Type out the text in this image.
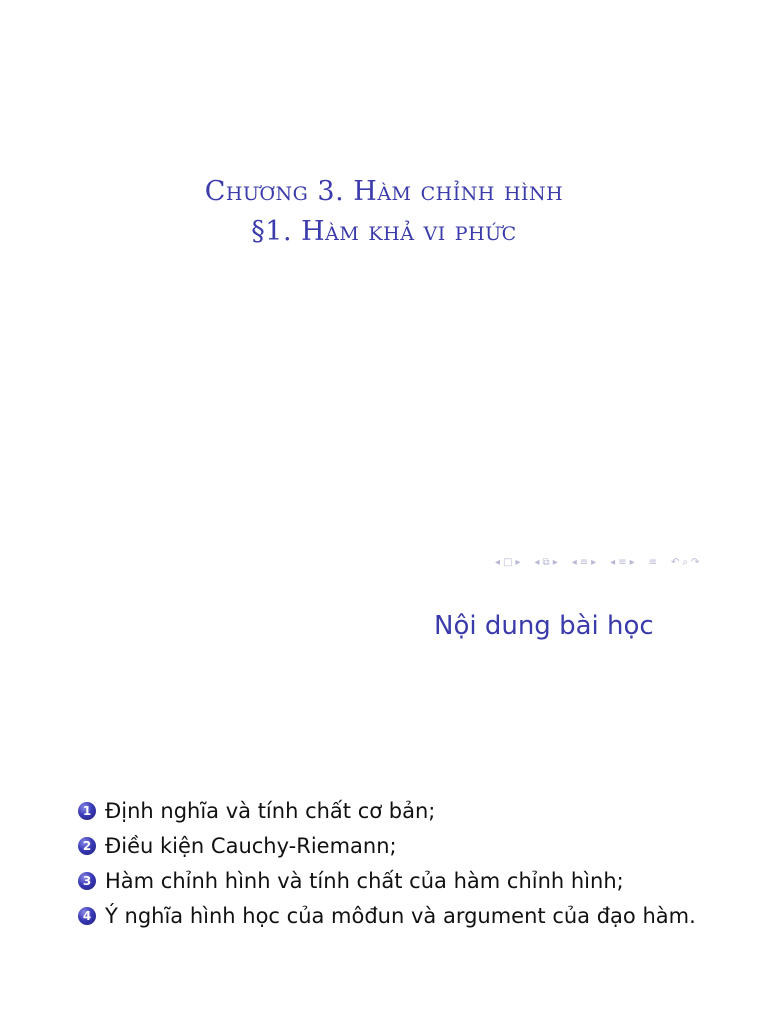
Chương 3. Hàm chỉnh hình
§1. Hàm khả vi phức
◂ □ ▸ ◂ ⧉ ▸ ◂ ≡ ▸ ◂ ≡ ▸ ≡ ↶ ⌕ ↷
Nội dung bài học
1 Định nghĩa và tính chất cơ bản;
2 Điều kiện Cauchy-Riemann;
3 Hàm chỉnh hình và tính chất của hàm chỉnh hình;
4 Ý nghĩa hình học của môđun và argument của đạo hàm.
